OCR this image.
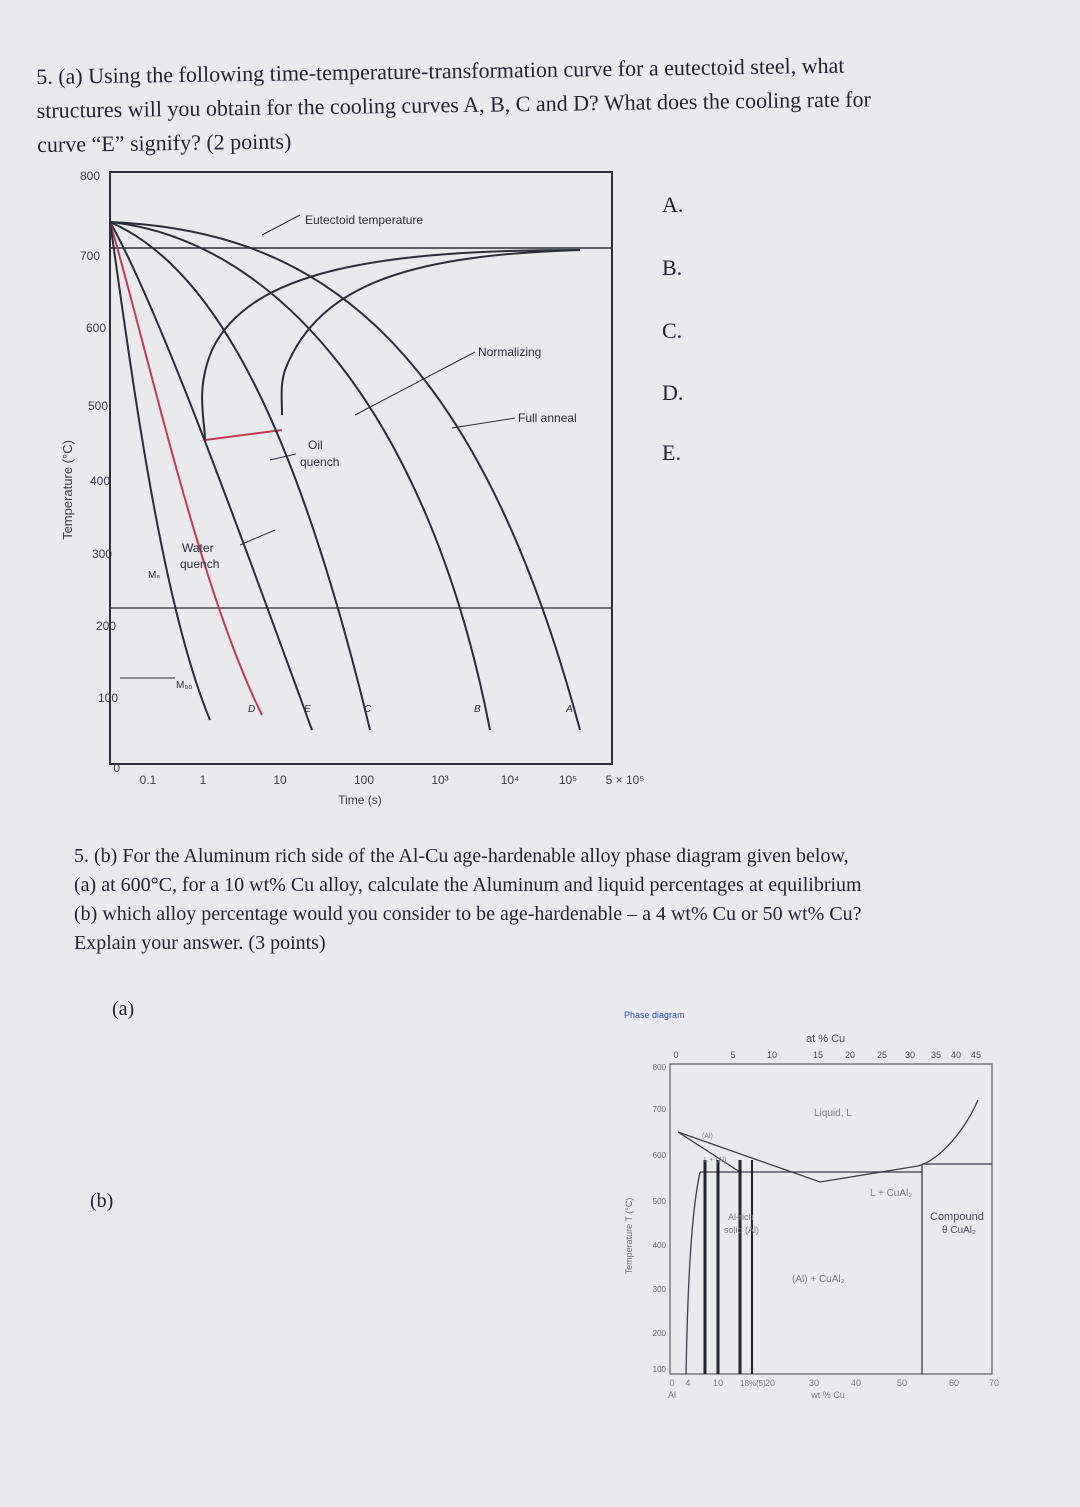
5. (a) Using the following time-temperature-transformation curve for a eutectoid steel, what
structures will you obtain for the cooling curves A, B, C and D? What does the cooling rate for
curve “E” signify? (2 points)
800
700
600
500
400
300
200
100
0
Temperature (°C)
0.1	1	10	100	10³	10⁴	10⁵ 5 × 10⁵
Time (s)
Eutectoid temperature
Normalizing
Full anneal
Oil
quench
Water
quench
Mₛ
M₉₀
D	E	C	B	A
A.
B.
C.
D.
E.
5. (b) For the Aluminum rich side of the Al-Cu age-hardenable alloy phase diagram given below,
(a) at 600°C, for a 10 wt% Cu alloy, calculate the Aluminum and liquid percentages at equilibrium
(b) which alloy percentage would you consider to be age-hardenable – a 4 wt% Cu or 50 wt% Cu?
Explain your answer. (3 points)
(a)
(b)
Phase diagram
at % Cu
0	5	10	15 20 25 30 35 40 45
800
700
600
500
400
300
200
100
Temperature T (°C)
Liquid, L
L + CuAl₂
Compound
θ CuAl₂
Al-rich
solid (Al)
(Al) + CuAl₂
L + (Al)
(Al)
18%(5)
0 4 10	20	30	40	50	60	70
Al	wt % Cu
